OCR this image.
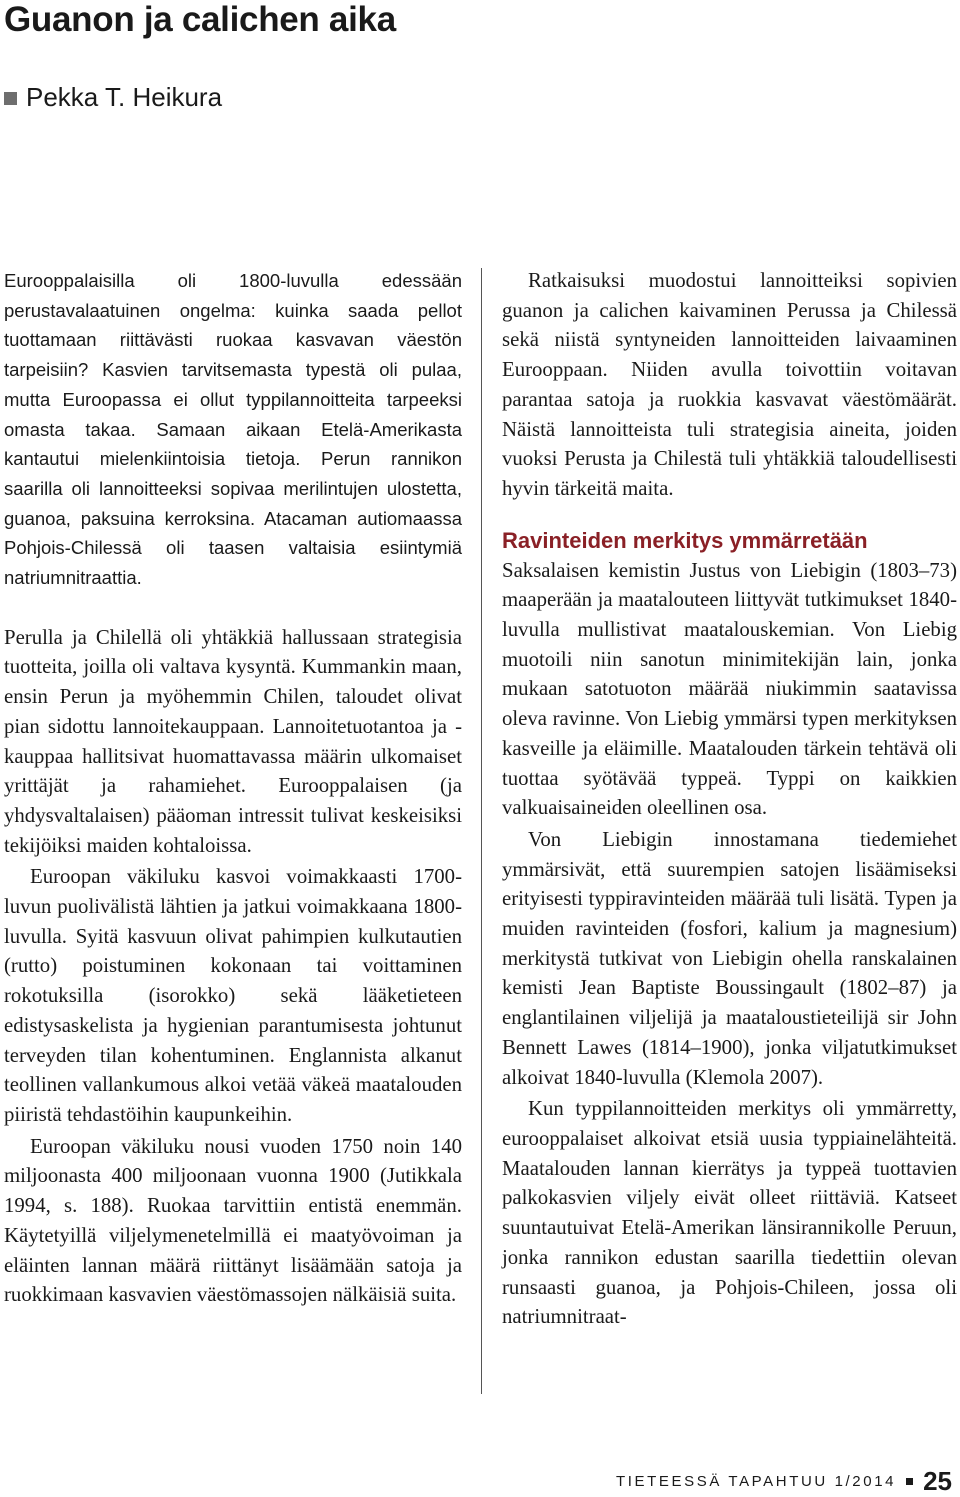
Guanon ja calichen aika
Pekka T. Heikura

Eurooppalaisilla oli 1800-luvulla edessään perustavalaatuinen ongelma: kuinka saada pellot tuottamaan riittävästi ruokaa kasvavan väestön tarpeisiin? Kasvien tarvitsemasta typestä oli pulaa, mutta Euroopassa ei ollut typpilannoitteita tarpeeksi omasta takaa. Samaan aikaan Etelä-Amerikasta kantautui mielenkiintoisia tietoja. Perun rannikon saarilla oli lannoitteeksi sopivaa merilintujen ulostetta, guanoa, paksuina kerroksina. Atacaman autiomaassa Pohjois-Chilessä oli taasen valtaisia esiintymiä natriumnitraattia.

Perulla ja Chilellä oli yhtäkkiä hallussaan strategisia tuotteita, joilla oli valtava kysyntä. Kummankin maan, ensin Perun ja myöhemmin Chilen, taloudet olivat pian sidottu lannoitekauppaan. Lannoitetuotantoa ja -kauppaa hallitsivat huomattavassa määrin ulkomaiset yrittäjät ja rahamiehet. Eurooppalaisen (ja yhdysvaltalaisen) pääoman intressit tulivat keskeisiksi tekijöiksi maiden kohtaloissa.

Euroopan väkiluku kasvoi voimakkaasti 1700-luvun puolivälistä lähtien ja jatkui voimakkaana 1800-luvulla. Syitä kasvuun olivat pahimpien kulkutautien (rutto) poistuminen kokonaan tai voittaminen rokotuksilla (isorokko) sekä lääketieteen edistysaskelista ja hygienian parantumisesta johtunut terveyden tilan kohentuminen. Englannista alkanut teollinen vallankumous alkoi vetää väkeä maatalouden piiristä tehdastöihin kaupunkeihin.

Euroopan väkiluku nousi vuoden 1750 noin 140 miljoonasta 400 miljoonaan vuonna 1900 (Jutikkala 1994, s. 188). Ruokaa tarvittiin entistä enemmän. Käytetyillä viljelymenetelmillä ei maatyövoiman ja eläinten lannan määrä riittänyt lisäämään satoja ja ruokkimaan kasvavien väestömassojen nälkäisiä suita.

Ratkaisuksi muodostui lannoitteiksi sopivien guanon ja calichen kaivaminen Perussa ja Chilessä sekä niistä syntyneiden lannoitteiden laivaaminen Eurooppaan. Niiden avulla toivottiin voitavan parantaa satoja ja ruokkia kasvavat väestömäärät. Näistä lannoitteista tuli strategisia aineita, joiden vuoksi Perusta ja Chilestä tuli yhtäkkiä taloudellisesti hyvin tärkeitä maita.

Ravinteiden merkitys ymmärretään

Saksalaisen kemistin Justus von Liebigin (1803–73) maaperään ja maatalouteen liittyvät tutkimukset 1840-luvulla mullistivat maatalouskemian. Von Liebig muotoili niin sanotun minimitekijän lain, jonka mukaan satotuoton määrää niukimmin saatavissa oleva ravinne. Von Liebig ymmärsi typen merkityksen kasveille ja eläimille. Maatalouden tärkein tehtävä oli tuottaa syötävää typpeä. Typpi on kaikkien valkuaisaineiden oleellinen osa.

Von Liebigin innostamana tiedemiehet ymmärsivät, että suurempien satojen lisäämiseksi erityisesti typpiravinteiden määrää tuli lisätä. Typen ja muiden ravinteiden (fosfori, kalium ja magnesium) merkitystä tutkivat von Liebigin ohella ranskalainen kemisti Jean Baptiste Boussingault (1802–87) ja englantilainen viljelijä ja maataloustieteilijä sir John Bennett Lawes (1814–1900), jonka viljatutkimukset alkoivat 1840-luvulla (Klemola 2007).

Kun typpilannoitteiden merkitys oli ymmärretty, eurooppalaiset alkoivat etsiä uusia typpiainelähteitä. Maatalouden lannan kierrätys ja typpeä tuottavien palkokasvien viljely eivät olleet riittäviä. Katseet suuntautuivat Etelä-Amerikan länsirannikolle Peruun, jonka rannikon edustan saarilla tiedettiin olevan runsaasti guanoa, ja Pohjois-Chileen, jossa oli natriumnitraat-

TIETEESSÄ TAPAHTUU 1/2014 25
